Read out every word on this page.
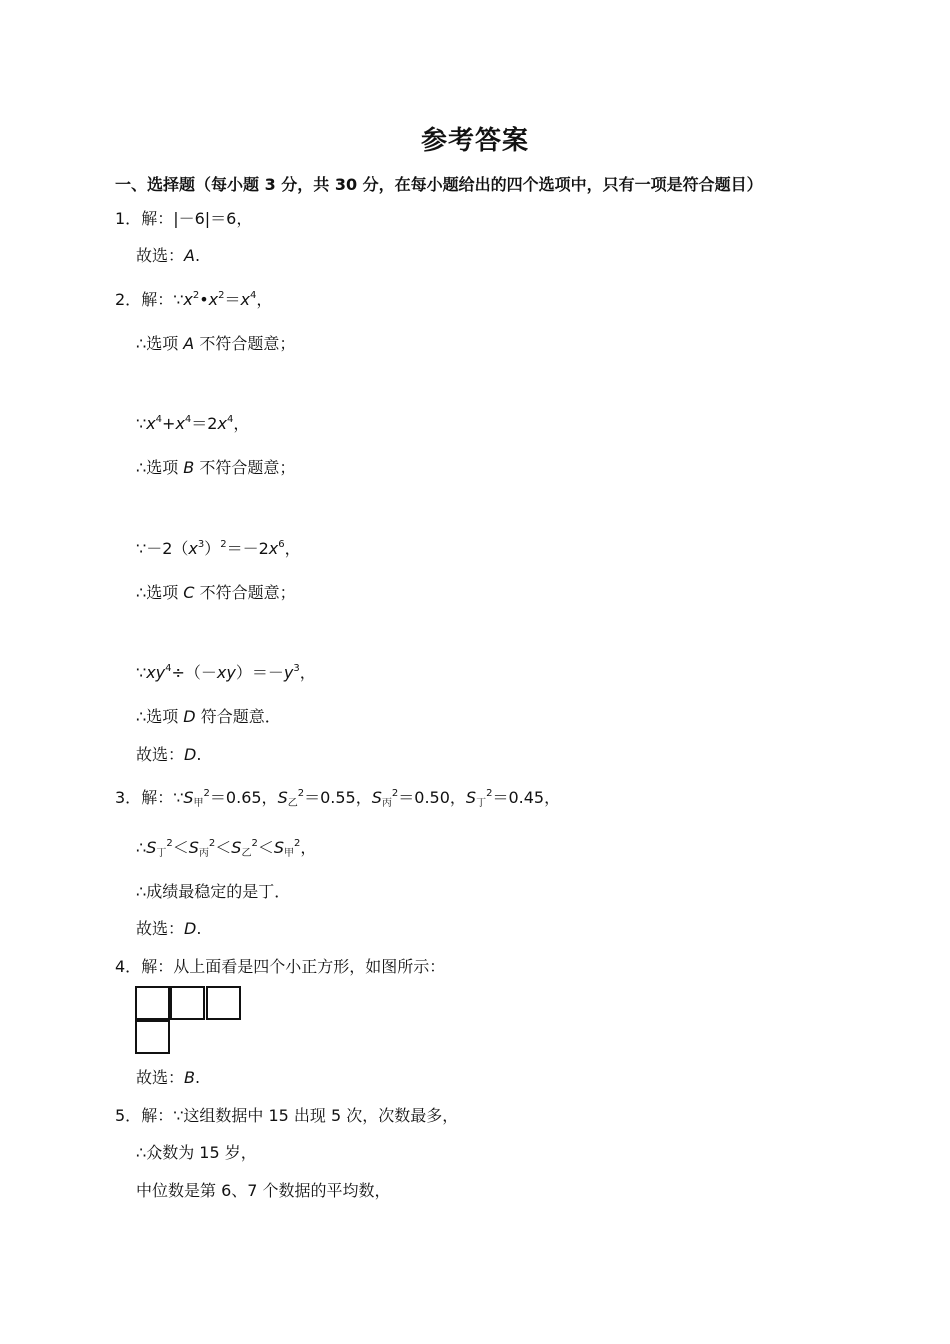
参考答案
一、选择题（每小题 3 分，共 30 分，在每小题给出的四个选项中，只有一项是符合题目）
1．解：|－6|＝6，
故选：A.
2．解：$\because x^2•x^2=x^4$，
∴选项 A 不符合题意；
$\because x^4+x^4=2x^4$，
∴选项 B 不符合题意；
$\because-2(x^3)^2=-2x^6$，
∴选项 C 不符合题意；
$\because xy^4\div(-xy)=-y^3$，
∴选项 D 符合题意．
故选：D.
3．解：$\because S_甲^2=0.65$，$S_乙^2=0.55$，$S_丙^2=0.50$，$S_丁^2=0.45$，
$\therefore S_丁^2<S_丙^2<S_乙^2<S_甲^2$，
∴成绩最稳定的是丁．
故选：D.
4．解：从上面看是四个小正方形，如图所示：
故选：B.
5．解：∵这组数据中 15 出现 5 次，次数最多，
∴众数为 15 岁，
中位数是第 6、7 个数据的平均数，
